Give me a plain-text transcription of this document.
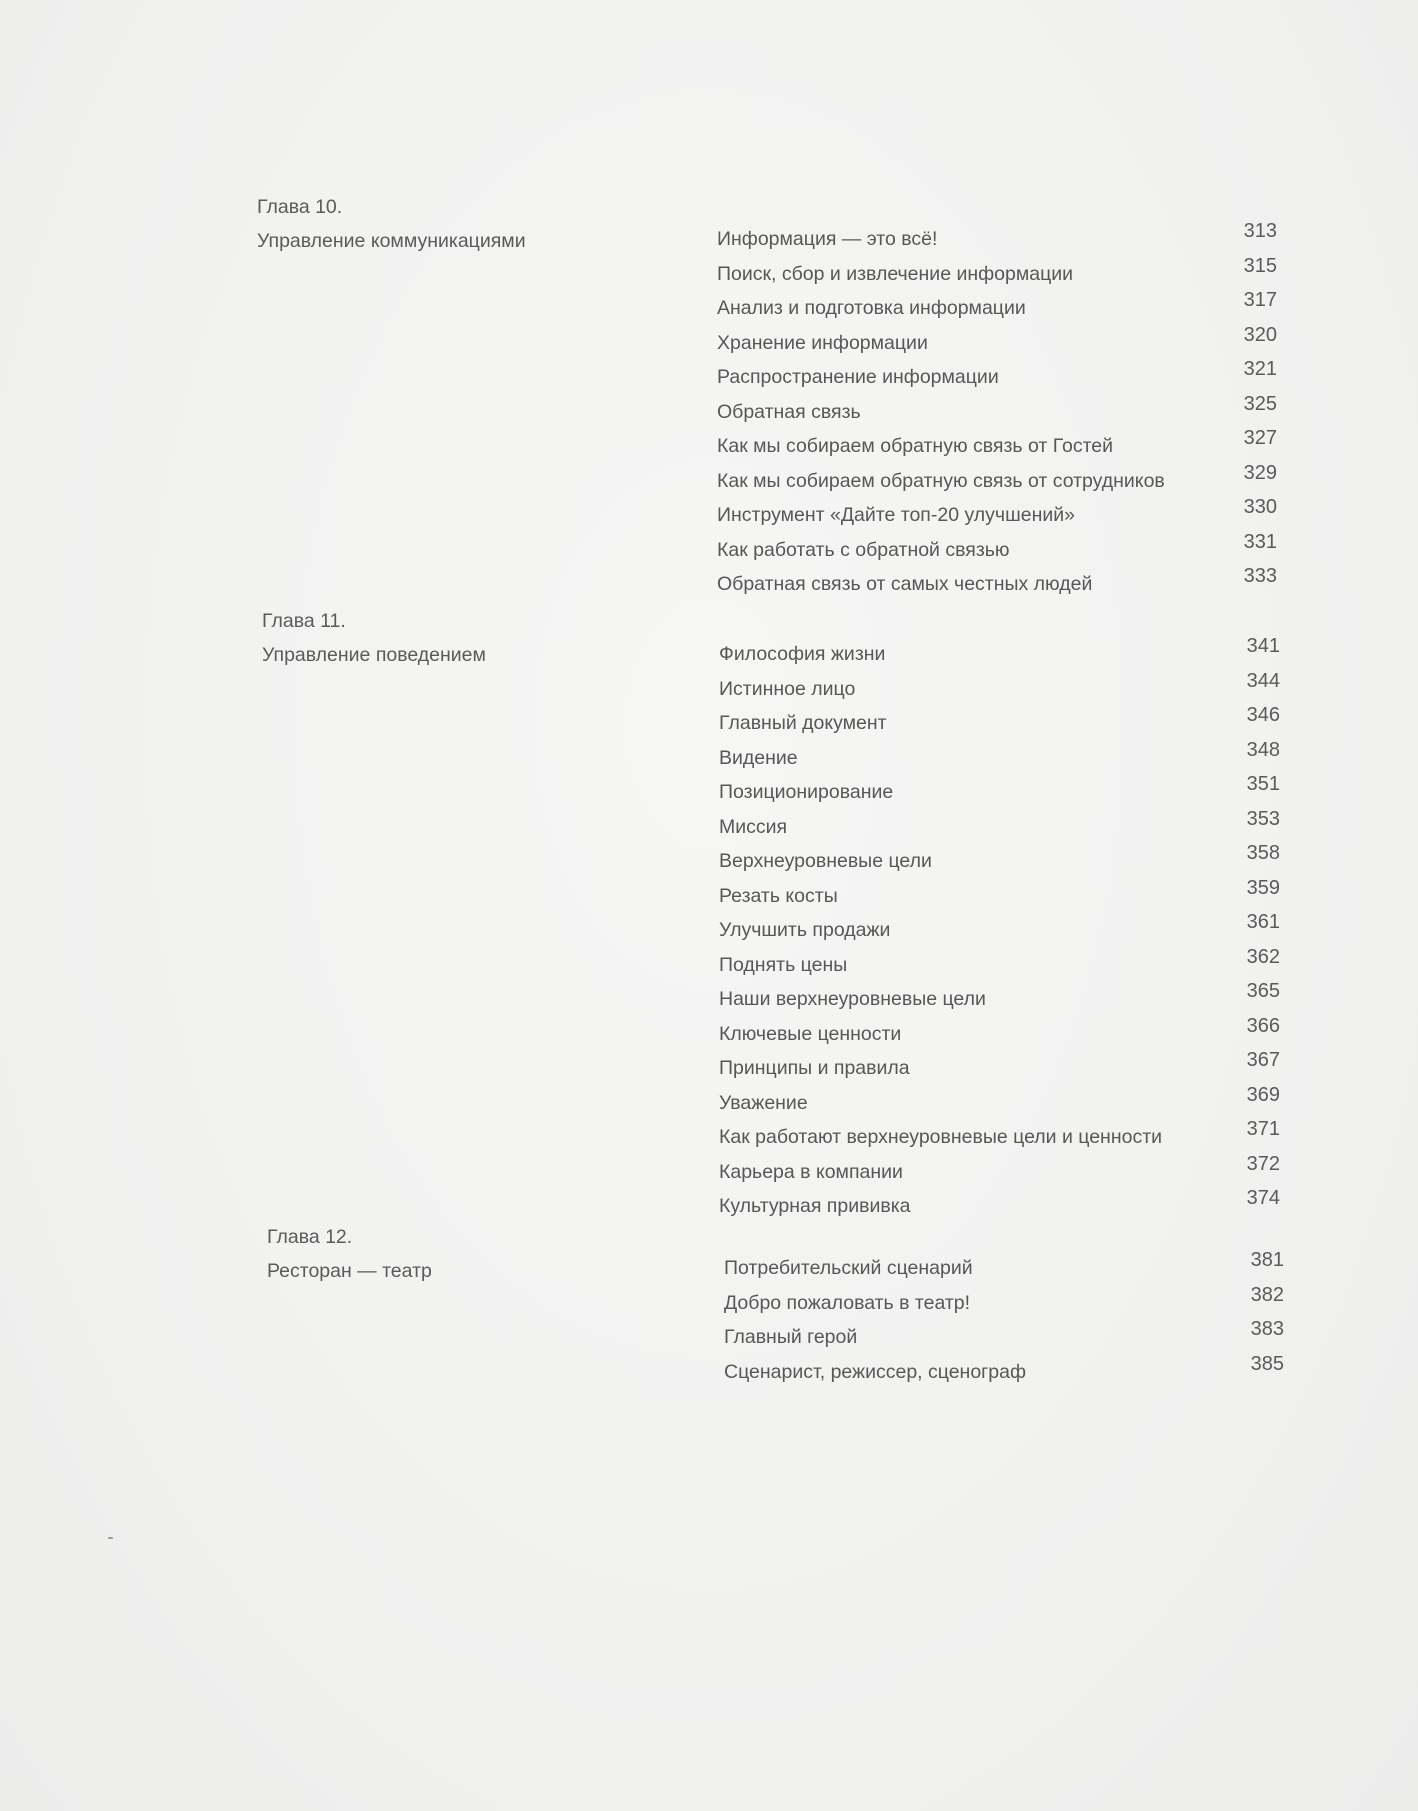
Глава 10.
Управление коммуникациями	Информация — это всё!	313
Поиск, сбор и извлечение информации	315
Анализ и подготовка информации	317
Хранение информации	320
Распространение информации	321
Обратная связь	325
Как мы собираем обратную связь от Гостей	327
Как мы собираем обратную связь от сотрудников	329
Инструмент «Дайте топ-20 улучшений»	330
Как работать с обратной связью	331
Обратная связь от самых честных людей	333
Глава 11.
Управление поведением	Философия жизни	341
Истинное лицо	344
Главный документ	346
Видение	348
Позиционирование	351
Миссия	353
Верхнеуровневые цели	358
Резать косты	359
Улучшить продажи	361
Поднять цены	362
Наши верхнеуровневые цели	365
Ключевые ценности	366
Принципы и правила	367
Уважение	369
Как работают верхнеуровневые цели и ценности	371
Карьера в компании	372
Культурная прививка	374
Глава 12.
Ресторан — театр	Потребительский сценарий	381
Добро пожаловать в театр!	382
Главный герой	383
Сценарист, режиссер, сценограф	385
